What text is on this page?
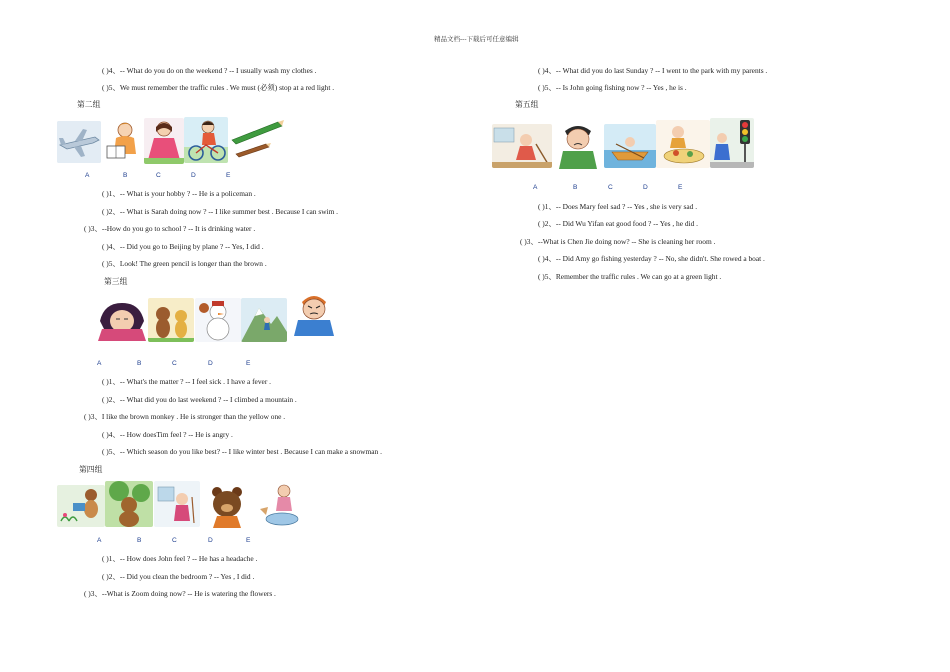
精品文档---下载后可任意编辑
( )4、-- What do you do on the weekend ? -- I usually wash my clothes .
( )5、We must remember the traffic rules . We must (必须) stop at a red light .
第二组
A	B	C	D	E
( )1、-- What is your hobby ? -- He is a policeman .
( )2、-- What is Sarah doing now ? -- I like summer best . Because I can swim .
( )3、--How do you go to school ? -- It is drinking water .
( )4、-- Did you go to Beijing by plane ? -- Yes, I did .
( )5、Look! The green pencil is longer than the brown .
第三组
A	B	C	D	E
( )1、-- What's the matter ? -- I feel sick . I have a fever .
( )2、-- What did you do last weekend ? -- I climbed a mountain .
( )3、I like the brown monkey . He is stronger than the yellow one .
( )4、-- How doesTim feel ? -- He is angry .
( )5、-- Which season do you like best? -- I like winter best . Because I can make a snowman .
第四组
A	B	C	D	E
( )1、-- How does John feel ? -- He has a headache .
( )2、-- Did you clean the bedroom ? -- Yes , I did .
( )3、--What is Zoom doing now? -- He is watering the flowers .
( )4、-- What did you do last Sunday ? -- I went to the park with my parents .
( )5、-- Is John going fishing now ? -- Yes , he is .
第五组
A	B	C	D	E
( )1、-- Does Mary feel sad ? -- Yes , she is very sad .
( )2、-- Did Wu Yifan eat good food ? -- Yes , he did .
( )3、--What is Chen Jie doing now? -- She is cleaning her room .
( )4、-- Did Amy go fishing yesterday ? -- No, she didn't. She rowed a boat .
( )5、Remember the traffic rules . We can go at a green light .
